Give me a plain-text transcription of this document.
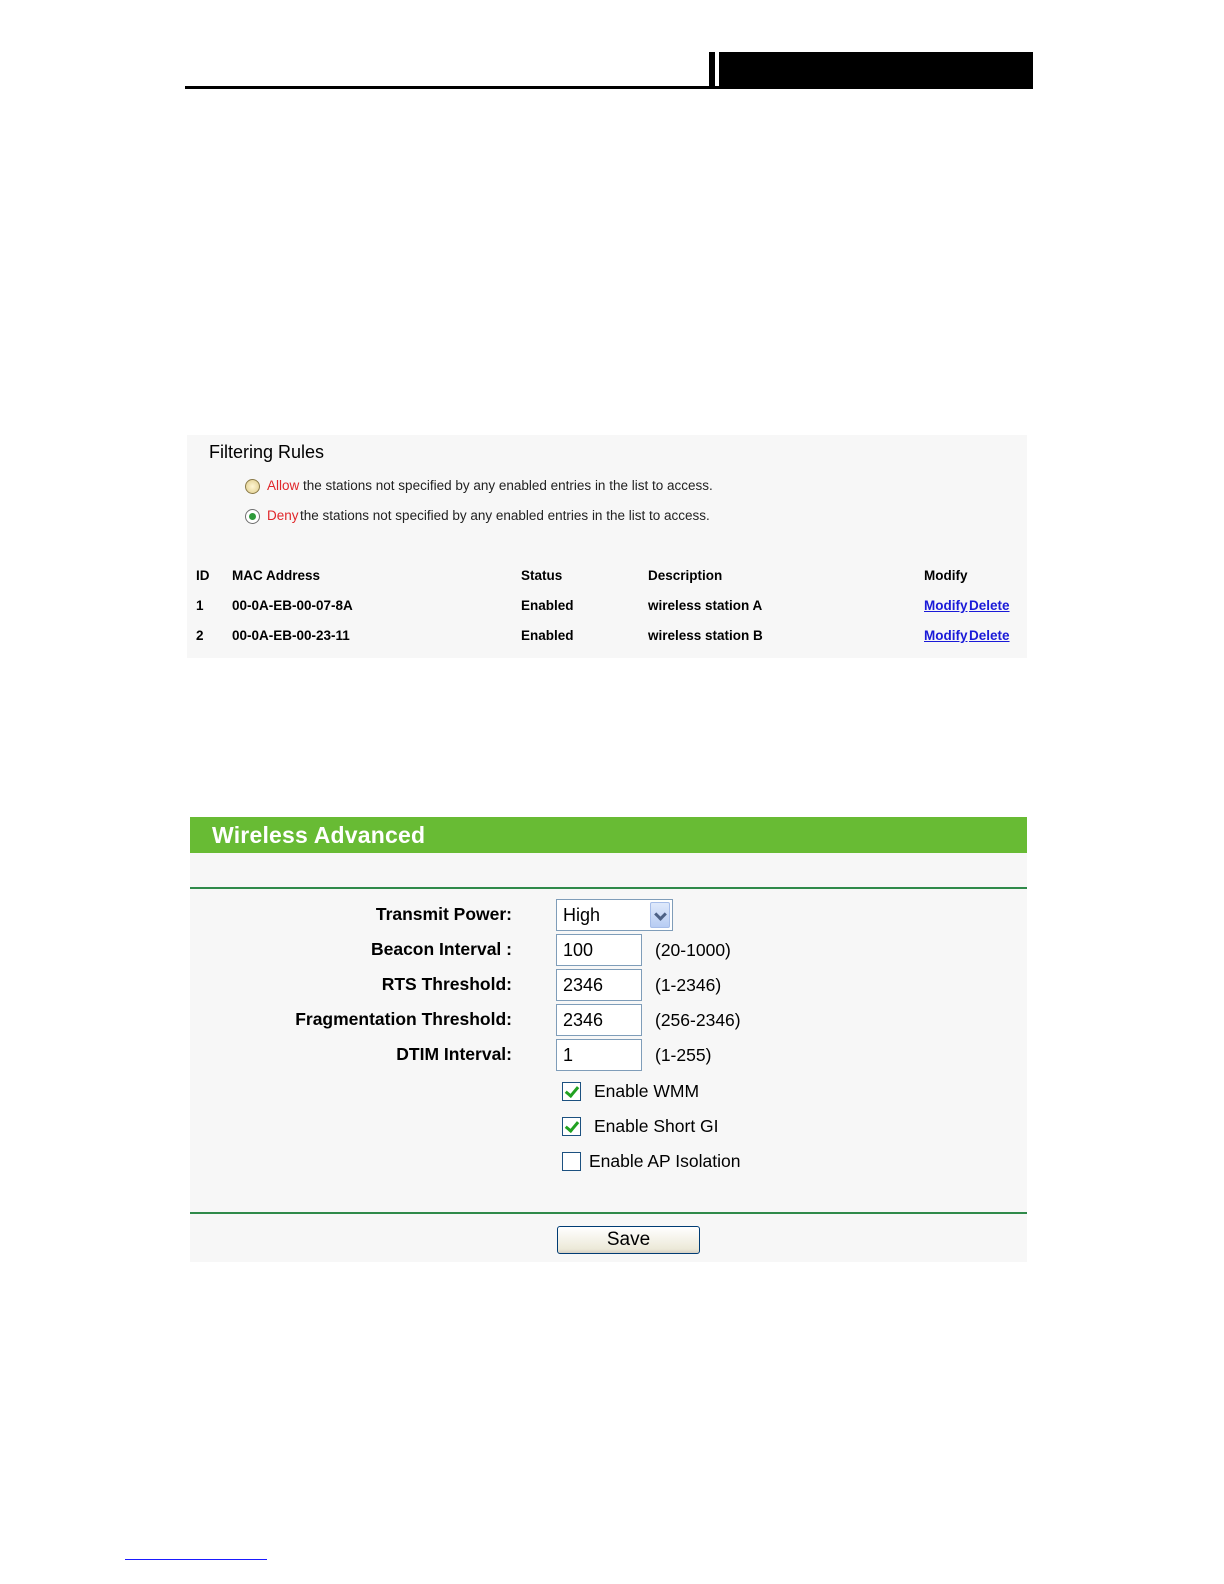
Filtering Rules
Allow the stations not specified by any enabled entries in the list to access.
Deny the stations not specified by any enabled entries in the list to access.
ID MAC Address	Status	Description	Modify
1 00-0A-EB-00-07-8A	Enabled	wireless station A	Modify Delete
2 00-0A-EB-00-23-11	Enabled	wireless station B	Modify Delete
Wireless Advanced
Transmit Power:	High
Beacon Interval :	100	(20-1000)
RTS Threshold:	2346	(1-2346)
Fragmentation Threshold:	2346	(256-2346)
DTIM Interval:	1	(1-255)
Enable WMM
Enable Short GI
Enable AP Isolation
Save
